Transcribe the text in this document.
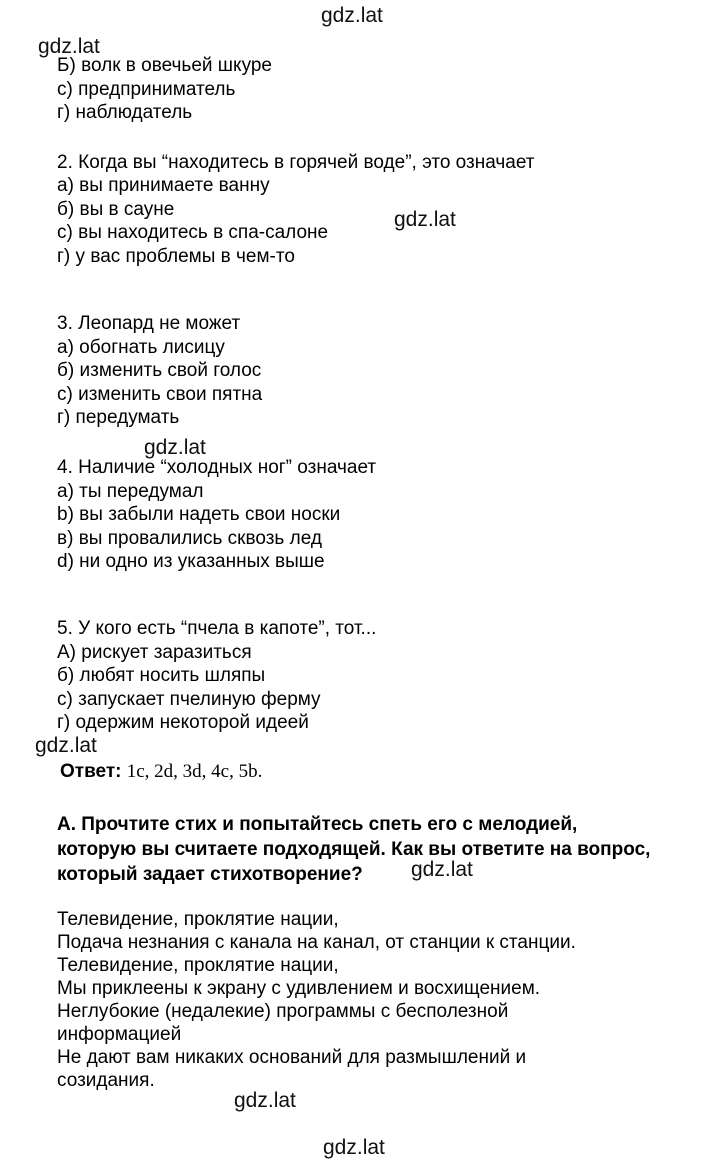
gdz.lat
gdz.lat
gdz.lat
gdz.lat
gdz.lat
gdz.lat
gdz.lat
gdz.lat
Б) волк в овечьей шкуре
c) предприниматель
г) наблюдатель
2. Когда вы “находитесь в горячей воде”, это означает
а) вы принимаете ванну
б) вы в сауне
c) вы находитесь в спа-салоне
г) у вас проблемы в чем-то
3. Леопард не может
а) обогнать лисицу
б) изменить свой голос
c) изменить свои пятна
г) передумать
4. Наличие “холодных ног” означает
а) ты передумал
b) вы забыли надеть свои носки
в) вы провалились сквозь лед
d) ни одно из указанных выше
5. У кого есть “пчела в капоте”, тот...
А) рискует заразиться
б) любят носить шляпы
c) запускает пчелиную ферму
г) одержим некоторой идеей
Ответ: 1c, 2d, 3d, 4c, 5b.
А. Прочтите стих и попытайтесь спеть его с мелодией, которую вы считаете подходящей. Как вы ответите на вопрос, который задает стихотворение?
Телевидение, проклятие нации,
Подача незнания с канала на канал, от станции к станции.
Телевидение, проклятие нации,
Мы приклеены к экрану с удивлением и восхищением.
Неглубокие (недалекие) программы с бесполезной
информацией
Не дают вам никаких оснований для размышлений и
созидания.
